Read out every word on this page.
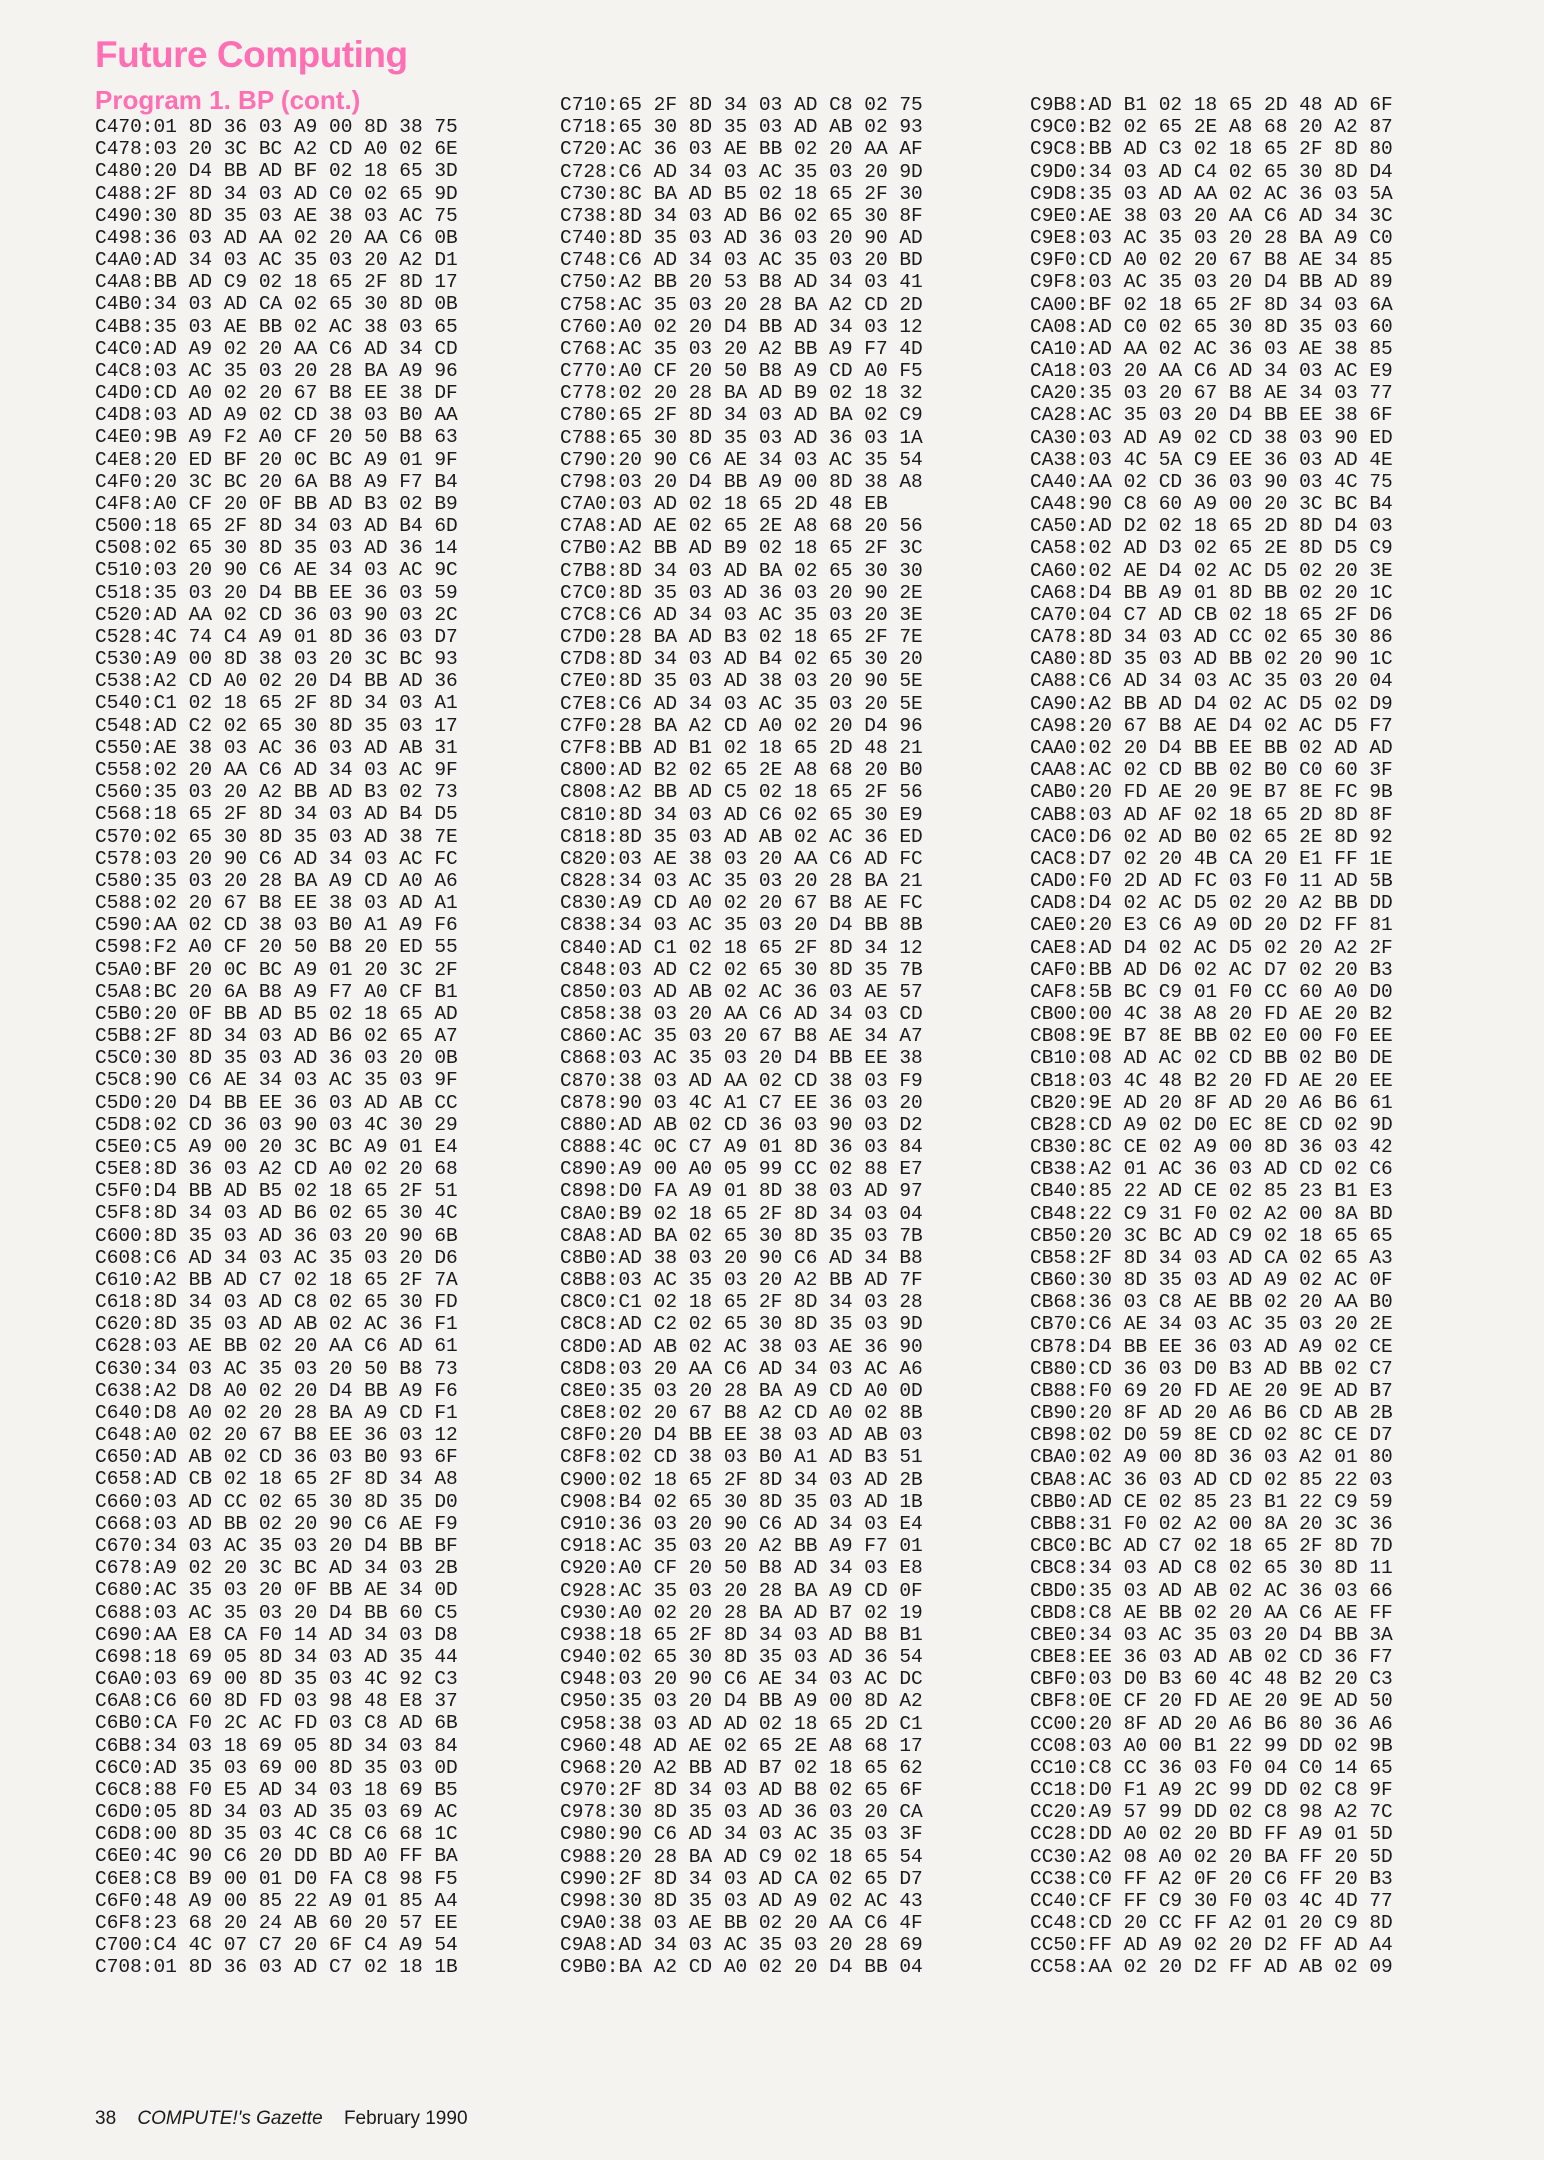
Future Computing
Program 1. BP (cont.)
C470:01 8D 36 03 A9 00 8D 38 75
C478:03 20 3C BC A2 CD A0 02 6E
C480:20 D4 BB AD BF 02 18 65 3D
C488:2F 8D 34 03 AD C0 02 65 9D
C490:30 8D 35 03 AE 38 03 AC 75
C498:36 03 AD AA 02 20 AA C6 0B
C4A0:AD 34 03 AC 35 03 20 A2 D1
C4A8:BB AD C9 02 18 65 2F 8D 17
C4B0:34 03 AD CA 02 65 30 8D 0B
C4B8:35 03 AE BB 02 AC 38 03 65
C4C0:AD A9 02 20 AA C6 AD 34 CD
C4C8:03 AC 35 03 20 28 BA A9 96
C4D0:CD A0 02 20 67 B8 EE 38 DF
C4D8:03 AD A9 02 CD 38 03 B0 AA
C4E0:9B A9 F2 A0 CF 20 50 B8 63
C4E8:20 ED BF 20 0C BC A9 01 9F
C4F0:20 3C BC 20 6A B8 A9 F7 B4
C4F8:A0 CF 20 0F BB AD B3 02 B9
C500:18 65 2F 8D 34 03 AD B4 6D
C508:02 65 30 8D 35 03 AD 36 14
C510:03 20 90 C6 AE 34 03 AC 9C
C518:35 03 20 D4 BB EE 36 03 59
C520:AD AA 02 CD 36 03 90 03 2C
C528:4C 74 C4 A9 01 8D 36 03 D7
C530:A9 00 8D 38 03 20 3C BC 93
C538:A2 CD A0 02 20 D4 BB AD 36
C540:C1 02 18 65 2F 8D 34 03 A1
C548:AD C2 02 65 30 8D 35 03 17
C550:AE 38 03 AC 36 03 AD AB 31
C558:02 20 AA C6 AD 34 03 AC 9F
C560:35 03 20 A2 BB AD B3 02 73
C568:18 65 2F 8D 34 03 AD B4 D5
C570:02 65 30 8D 35 03 AD 38 7E
C578:03 20 90 C6 AD 34 03 AC FC
C580:35 03 20 28 BA A9 CD A0 A6
C588:02 20 67 B8 EE 38 03 AD A1
C590:AA 02 CD 38 03 B0 A1 A9 F6
C598:F2 A0 CF 20 50 B8 20 ED 55
C5A0:BF 20 0C BC A9 01 20 3C 2F
C5A8:BC 20 6A B8 A9 F7 A0 CF B1
C5B0:20 0F BB AD B5 02 18 65 AD
C5B8:2F 8D 34 03 AD B6 02 65 A7
C5C0:30 8D 35 03 AD 36 03 20 0B
C5C8:90 C6 AE 34 03 AC 35 03 9F
C5D0:20 D4 BB EE 36 03 AD AB CC
C5D8:02 CD 36 03 90 03 4C 30 29
C5E0:C5 A9 00 20 3C BC A9 01 E4
C5E8:8D 36 03 A2 CD A0 02 20 68
C5F0:D4 BB AD B5 02 18 65 2F 51
C5F8:8D 34 03 AD B6 02 65 30 4C
C600:8D 35 03 AD 36 03 20 90 6B
C608:C6 AD 34 03 AC 35 03 20 D6
C610:A2 BB AD C7 02 18 65 2F 7A
C618:8D 34 03 AD C8 02 65 30 FD
C620:8D 35 03 AD AB 02 AC 36 F1
C628:03 AE BB 02 20 AA C6 AD 61
C630:34 03 AC 35 03 20 50 B8 73
C638:A2 D8 A0 02 20 D4 BB A9 F6
C640:D8 A0 02 20 28 BA A9 CD F1
C648:A0 02 20 67 B8 EE 36 03 12
C650:AD AB 02 CD 36 03 B0 93 6F
C658:AD CB 02 18 65 2F 8D 34 A8
C660:03 AD CC 02 65 30 8D 35 D0
C668:03 AD BB 02 20 90 C6 AE F9
C670:34 03 AC 35 03 20 D4 BB BF
C678:A9 02 20 3C BC AD 34 03 2B
C680:AC 35 03 20 0F BB AE 34 0D
C688:03 AC 35 03 20 D4 BB 60 C5
C690:AA E8 CA F0 14 AD 34 03 D8
C698:18 69 05 8D 34 03 AD 35 44
C6A0:03 69 00 8D 35 03 4C 92 C3
C6A8:C6 60 8D FD 03 98 48 E8 37
C6B0:CA F0 2C AC FD 03 C8 AD 6B
C6B8:34 03 18 69 05 8D 34 03 84
C6C0:AD 35 03 69 00 8D 35 03 0D
C6C8:88 F0 E5 AD 34 03 18 69 B5
C6D0:05 8D 34 03 AD 35 03 69 AC
C6D8:00 8D 35 03 4C C8 C6 68 1C
C6E0:4C 90 C6 20 DD BD A0 FF BA
C6E8:C8 B9 00 01 D0 FA C8 98 F5
C6F0:48 A9 00 85 22 A9 01 85 A4
C6F8:23 68 20 24 AB 60 20 57 EE
C700:C4 4C 07 C7 20 6F C4 A9 54
C708:01 8D 36 03 AD C7 02 18 1B
C710:65 2F 8D 34 03 AD C8 02 75
C718:65 30 8D 35 03 AD AB 02 93
C720:AC 36 03 AE BB 02 20 AA AF
C728:C6 AD 34 03 AC 35 03 20 9D
C730:8C BA AD B5 02 18 65 2F 30
C738:8D 34 03 AD B6 02 65 30 8F
C740:8D 35 03 AD 36 03 20 90 AD
C748:C6 AD 34 03 AC 35 03 20 BD
C750:A2 BB 20 53 B8 AD 34 03 41
C758:AC 35 03 20 28 BA A2 CD 2D
C760:A0 02 20 D4 BB AD 34 03 12
C768:AC 35 03 20 A2 BB A9 F7 4D
C770:A0 CF 20 50 B8 A9 CD A0 F5
C778:02 20 28 BA AD B9 02 18 32
C780:65 2F 8D 34 03 AD BA 02 C9
C788:65 30 8D 35 03 AD 36 03 1A
C790:20 90 C6 AE 34 03 AC 35 54
C798:03 20 D4 BB A9 00 8D 38 A8
C7A0:03 AD 02 18 65 2D 48 EB
C7A8:AD AE 02 65 2E A8 68 20 56
C7B0:A2 BB AD B9 02 18 65 2F 3C
C7B8:8D 34 03 AD BA 02 65 30 30
C7C0:8D 35 03 AD 36 03 20 90 2E
C7C8:C6 AD 34 03 AC 35 03 20 3E
C7D0:28 BA AD B3 02 18 65 2F 7E
C7D8:8D 34 03 AD B4 02 65 30 20
C7E0:8D 35 03 AD 38 03 20 90 5E
C7E8:C6 AD 34 03 AC 35 03 20 5E
C7F0:28 BA A2 CD A0 02 20 D4 96
C7F8:BB AD B1 02 18 65 2D 48 21
C800:AD B2 02 65 2E A8 68 20 B0
C808:A2 BB AD C5 02 18 65 2F 56
C810:8D 34 03 AD C6 02 65 30 E9
C818:8D 35 03 AD AB 02 AC 36 ED
C820:03 AE 38 03 20 AA C6 AD FC
C828:34 03 AC 35 03 20 28 BA 21
C830:A9 CD A0 02 20 67 B8 AE FC
C838:34 03 AC 35 03 20 D4 BB 8B
C840:AD C1 02 18 65 2F 8D 34 12
C848:03 AD C2 02 65 30 8D 35 7B
C850:03 AD AB 02 AC 36 03 AE 57
C858:38 03 20 AA C6 AD 34 03 CD
C860:AC 35 03 20 67 B8 AE 34 A7
C868:03 AC 35 03 20 D4 BB EE 38
C870:38 03 AD AA 02 CD 38 03 F9
C878:90 03 4C A1 C7 EE 36 03 20
C880:AD AB 02 CD 36 03 90 03 D2
C888:4C 0C C7 A9 01 8D 36 03 84
C890:A9 00 A0 05 99 CC 02 88 E7
C898:D0 FA A9 01 8D 38 03 AD 97
C8A0:B9 02 18 65 2F 8D 34 03 04
C8A8:AD BA 02 65 30 8D 35 03 7B
C8B0:AD 38 03 20 90 C6 AD 34 B8
C8B8:03 AC 35 03 20 A2 BB AD 7F
C8C0:C1 02 18 65 2F 8D 34 03 28
C8C8:AD C2 02 65 30 8D 35 03 9D
C8D0:AD AB 02 AC 38 03 AE 36 90
C8D8:03 20 AA C6 AD 34 03 AC A6
C8E0:35 03 20 28 BA A9 CD A0 0D
C8E8:02 20 67 B8 A2 CD A0 02 8B
C8F0:20 D4 BB EE 38 03 AD AB 03
C8F8:02 CD 38 03 B0 A1 AD B3 51
C900:02 18 65 2F 8D 34 03 AD 2B
C908:B4 02 65 30 8D 35 03 AD 1B
C910:36 03 20 90 C6 AD 34 03 E4
C918:AC 35 03 20 A2 BB A9 F7 01
C920:A0 CF 20 50 B8 AD 34 03 E8
C928:AC 35 03 20 28 BA A9 CD 0F
C930:A0 02 20 28 BA AD B7 02 19
C938:18 65 2F 8D 34 03 AD B8 B1
C940:02 65 30 8D 35 03 AD 36 54
C948:03 20 90 C6 AE 34 03 AC DC
C950:35 03 20 D4 BB A9 00 8D A2
C958:38 03 AD AD 02 18 65 2D C1
C960:48 AD AE 02 65 2E A8 68 17
C968:20 A2 BB AD B7 02 18 65 62
C970:2F 8D 34 03 AD B8 02 65 6F
C978:30 8D 35 03 AD 36 03 20 CA
C980:90 C6 AD 34 03 AC 35 03 3F
C988:20 28 BA AD C9 02 18 65 54
C990:2F 8D 34 03 AD CA 02 65 D7
C998:30 8D 35 03 AD A9 02 AC 43
C9A0:38 03 AE BB 02 20 AA C6 4F
C9A8:AD 34 03 AC 35 03 20 28 69
C9B0:BA A2 CD A0 02 20 D4 BB 04
C9B8:AD B1 02 18 65 2D 48 AD 6F
C9C0:B2 02 65 2E A8 68 20 A2 87
C9C8:BB AD C3 02 18 65 2F 8D 80
C9D0:34 03 AD C4 02 65 30 8D D4
C9D8:35 03 AD AA 02 AC 36 03 5A
C9E0:AE 38 03 20 AA C6 AD 34 3C
C9E8:03 AC 35 03 20 28 BA A9 C0
C9F0:CD A0 02 20 67 B8 AE 34 85
C9F8:03 AC 35 03 20 D4 BB AD 89
CA00:BF 02 18 65 2F 8D 34 03 6A
CA08:AD C0 02 65 30 8D 35 03 60
CA10:AD AA 02 AC 36 03 AE 38 85
CA18:03 20 AA C6 AD 34 03 AC E9
CA20:35 03 20 67 B8 AE 34 03 77
CA28:AC 35 03 20 D4 BB EE 38 6F
CA30:03 AD A9 02 CD 38 03 90 ED
CA38:03 4C 5A C9 EE 36 03 AD 4E
CA40:AA 02 CD 36 03 90 03 4C 75
CA48:90 C8 60 A9 00 20 3C BC B4
CA50:AD D2 02 18 65 2D 8D D4 03
CA58:02 AD D3 02 65 2E 8D D5 C9
CA60:02 AE D4 02 AC D5 02 20 3E
CA68:D4 BB A9 01 8D BB 02 20 1C
CA70:04 C7 AD CB 02 18 65 2F D6
CA78:8D 34 03 AD CC 02 65 30 86
CA80:8D 35 03 AD BB 02 20 90 1C
CA88:C6 AD 34 03 AC 35 03 20 04
CA90:A2 BB AD D4 02 AC D5 02 D9
CA98:20 67 B8 AE D4 02 AC D5 F7
CAA0:02 20 D4 BB EE BB 02 AD AD
CAA8:AC 02 CD BB 02 B0 C0 60 3F
CAB0:20 FD AE 20 9E B7 8E FC 9B
CAB8:03 AD AF 02 18 65 2D 8D 8F
CAC0:D6 02 AD B0 02 65 2E 8D 92
CAC8:D7 02 20 4B CA 20 E1 FF 1E
CAD0:F0 2D AD FC 03 F0 11 AD 5B
CAD8:D4 02 AC D5 02 20 A2 BB DD
CAE0:20 E3 C6 A9 0D 20 D2 FF 81
CAE8:AD D4 02 AC D5 02 20 A2 2F
CAF0:BB AD D6 02 AC D7 02 20 B3
CAF8:5B BC C9 01 F0 CC 60 A0 D0
CB00:00 4C 38 A8 20 FD AE 20 B2
CB08:9E B7 8E BB 02 E0 00 F0 EE
CB10:08 AD AC 02 CD BB 02 B0 DE
CB18:03 4C 48 B2 20 FD AE 20 EE
CB20:9E AD 20 8F AD 20 A6 B6 61
CB28:CD A9 02 D0 EC 8E CD 02 9D
CB30:8C CE 02 A9 00 8D 36 03 42
CB38:A2 01 AC 36 03 AD CD 02 C6
CB40:85 22 AD CE 02 85 23 B1 E3
CB48:22 C9 31 F0 02 A2 00 8A BD
CB50:20 3C BC AD C9 02 18 65 65
CB58:2F 8D 34 03 AD CA 02 65 A3
CB60:30 8D 35 03 AD A9 02 AC 0F
CB68:36 03 C8 AE BB 02 20 AA B0
CB70:C6 AE 34 03 AC 35 03 20 2E
CB78:D4 BB EE 36 03 AD A9 02 CE
CB80:CD 36 03 D0 B3 AD BB 02 C7
CB88:F0 69 20 FD AE 20 9E AD B7
CB90:20 8F AD 20 A6 B6 CD AB 2B
CB98:02 D0 59 8E CD 02 8C CE D7
CBA0:02 A9 00 8D 36 03 A2 01 80
CBA8:AC 36 03 AD CD 02 85 22 03
CBB0:AD CE 02 85 23 B1 22 C9 59
CBB8:31 F0 02 A2 00 8A 20 3C 36
CBC0:BC AD C7 02 18 65 2F 8D 7D
CBC8:34 03 AD C8 02 65 30 8D 11
CBD0:35 03 AD AB 02 AC 36 03 66
CBD8:C8 AE BB 02 20 AA C6 AE FF
CBE0:34 03 AC 35 03 20 D4 BB 3A
CBE8:EE 36 03 AD AB 02 CD 36 F7
CBF0:03 D0 B3 60 4C 48 B2 20 C3
CBF8:0E CF 20 FD AE 20 9E AD 50
CC00:20 8F AD 20 A6 B6 80 36 A6
CC08:03 A0 00 B1 22 99 DD 02 9B
CC10:C8 CC 36 03 F0 04 C0 14 65
CC18:D0 F1 A9 2C 99 DD 02 C8 9F
CC20:A9 57 99 DD 02 C8 98 A2 7C
CC28:DD A0 02 20 BD FF A9 01 5D
CC30:A2 08 A0 02 20 BA FF 20 5D
CC38:C0 FF A2 0F 20 C6 FF 20 B3
CC40:CF FF C9 30 F0 03 4C 4D 77
CC48:CD 20 CC FF A2 01 20 C9 8D
CC50:FF AD A9 02 20 D2 FF AD A4
CC58:AA 02 20 D2 FF AD AB 02 09
38 COMPUTE!'s Gazette February 1990
